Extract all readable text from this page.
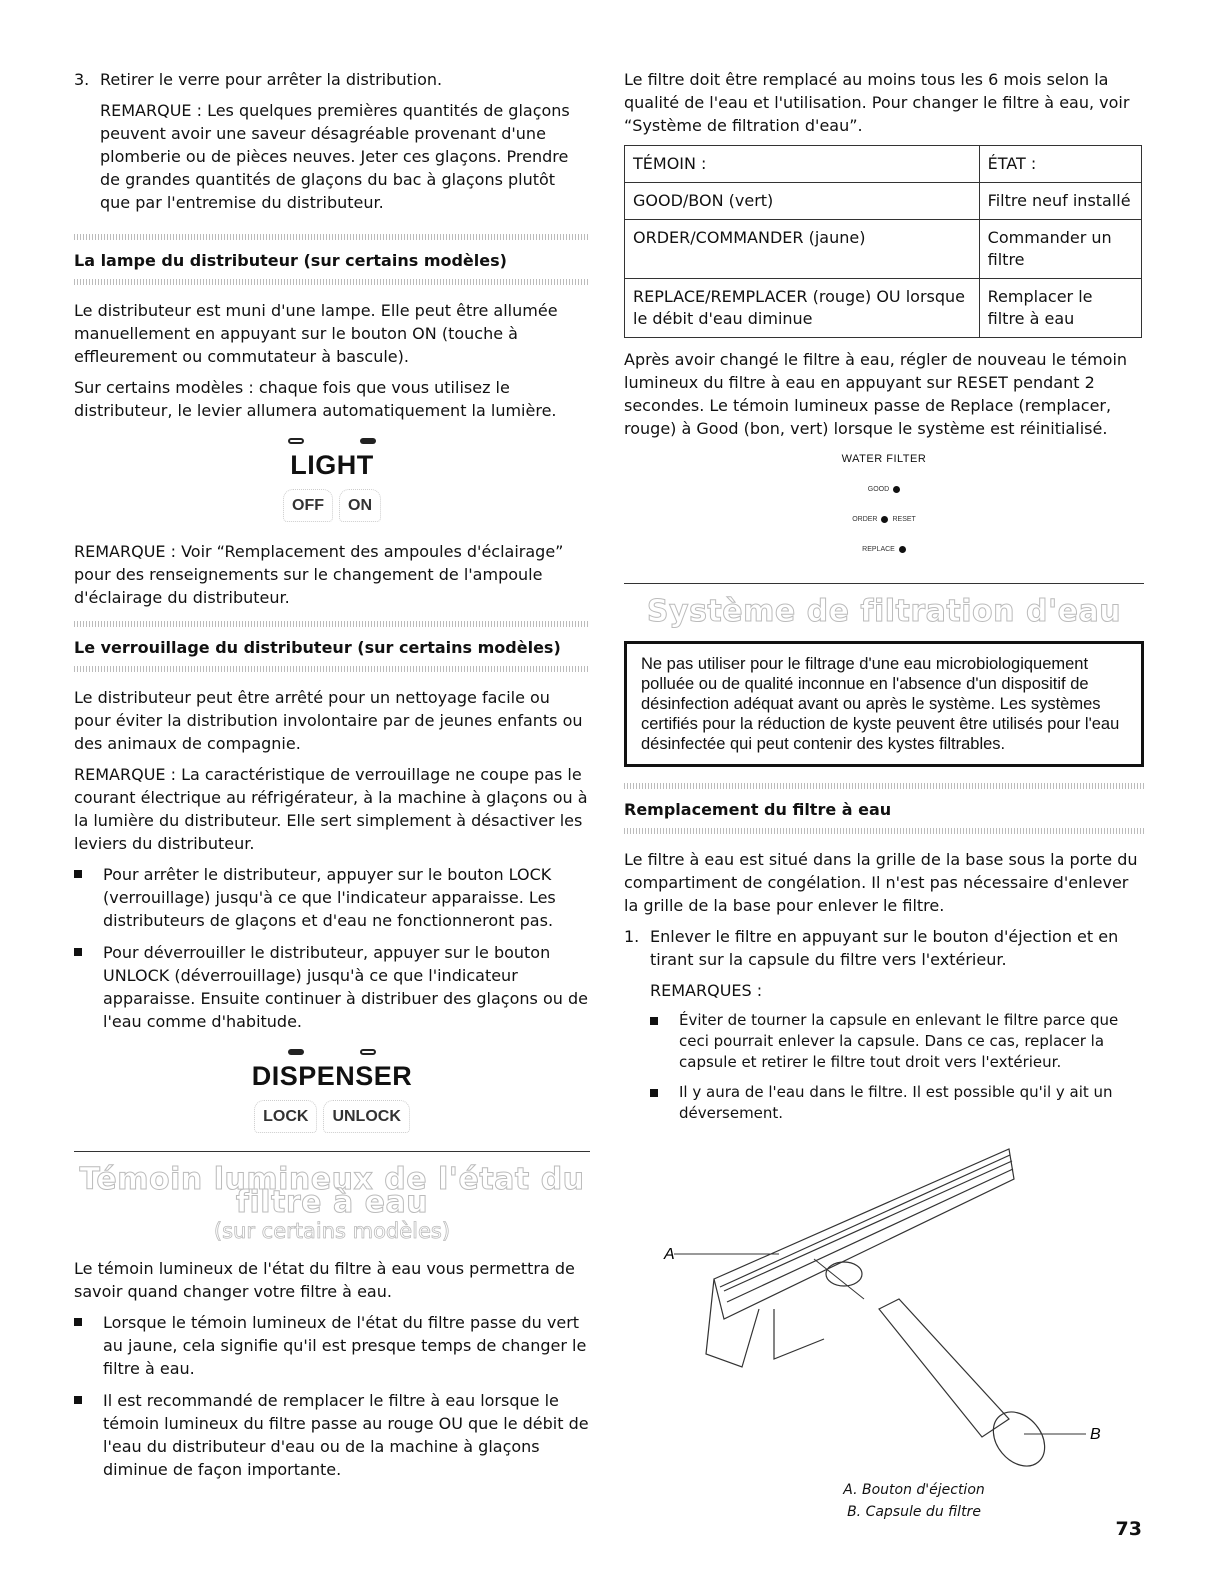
3. Retirer le verre pour arrêter la distribution.

REMARQUE : Les quelques premières quantités de glaçons peuvent avoir une saveur désagréable provenant d'une plomberie ou de pièces neuves. Jeter ces glaçons. Prendre de grandes quantités de glaçons du bac à glaçons plutôt que par l'entremise du distributeur.

La lampe du distributeur (sur certains modèles)

Le distributeur est muni d'une lampe. Elle peut être allumée manuellement en appuyant sur le bouton ON (touche à effleurement ou commutateur à bascule).

Sur certains modèles : chaque fois que vous utilisez le distributeur, le levier allumera automatiquement la lumière.

LIGHT
OFF	ON

REMARQUE : Voir “Remplacement des ampoules d'éclairage” pour des renseignements sur le changement de l'ampoule d'éclairage du distributeur.

Le verrouillage du distributeur (sur certains modèles)

Le distributeur peut être arrêté pour un nettoyage facile ou pour éviter la distribution involontaire par de jeunes enfants ou des animaux de compagnie.

REMARQUE : La caractéristique de verrouillage ne coupe pas le courant électrique au réfrigérateur, à la machine à glaçons ou à la lumière du distributeur. Elle sert simplement à désactiver les leviers du distributeur.

Pour arrêter le distributeur, appuyer sur le bouton LOCK (verrouillage) jusqu'à ce que l'indicateur apparaisse. Les distributeurs de glaçons et d'eau ne fonctionneront pas.
Pour déverrouiller le distributeur, appuyer sur le bouton UNLOCK (déverrouillage) jusqu'à ce que l'indicateur apparaisse. Ensuite continuer à distribuer des glaçons ou de l'eau comme d'habitude.
DISPENSER
LOCK	UNLOCK
Témoin lumineux de l'état du filtre à eau
(sur certains modèles)

Le témoin lumineux de l'état du filtre à eau vous permettra de savoir quand changer votre filtre à eau.

Lorsque le témoin lumineux de l'état du filtre passe du vert au jaune, cela signifie qu'il est presque temps de changer le filtre à eau.
Il est recommandé de remplacer le filtre à eau lorsque le témoin lumineux du filtre passe au rouge OU que le débit de l'eau du distributeur d'eau ou de la machine à glaçons diminue de façon importante.

Le filtre doit être remplacé au moins tous les 6 mois selon la qualité de l'eau et l'utilisation. Pour changer le filtre à eau, voir “Système de filtration d'eau”.

TÉMOIN :	ÉTAT :
GOOD/BON (vert)	Filtre neuf installé
ORDER/COMMANDER (jaune)	Commander un filtre
REPLACE/REMPLACER (rouge) OU lorsque le débit d'eau diminue	Remplacer le filtre à eau

Après avoir changé le filtre à eau, régler de nouveau le témoin lumineux du filtre à eau en appuyant sur RESET pendant 2 secondes. Le témoin lumineux passe de Replace (remplacer, rouge) à Good (bon, vert) lorsque le système est réinitialisé.

WATER FILTER
GOOD
ORDER RESET
REPLACE
Système de filtration d'eau
Ne pas utiliser pour le filtrage d'une eau microbiologiquement polluée ou de qualité inconnue en l'absence d'un dispositif de désinfection adéquat avant ou après le système. Les systèmes certifiés pour la réduction de kyste peuvent être utilisés pour l'eau désinfectée qui peut contenir des kystes filtrables.
Remplacement du filtre à eau

Le filtre à eau est situé dans la grille de la base sous la porte du compartiment de congélation. Il n'est pas nécessaire d'enlever la grille de la base pour enlever le filtre.

1. Enlever le filtre en appuyant sur le bouton d'éjection et en tirant sur la capsule du filtre vers l'extérieur.

REMARQUES :

Éviter de tourner la capsule en enlevant le filtre parce que ceci pourrait enlever la capsule. Dans ce cas, replacer la capsule et retirer le filtre tout droit vers l'extérieur.
Il y aura de l'eau dans le filtre. Il est possible qu'il y ait un déversement.
A
B
A. Bouton d'éjection
B. Capsule du filtre
73
